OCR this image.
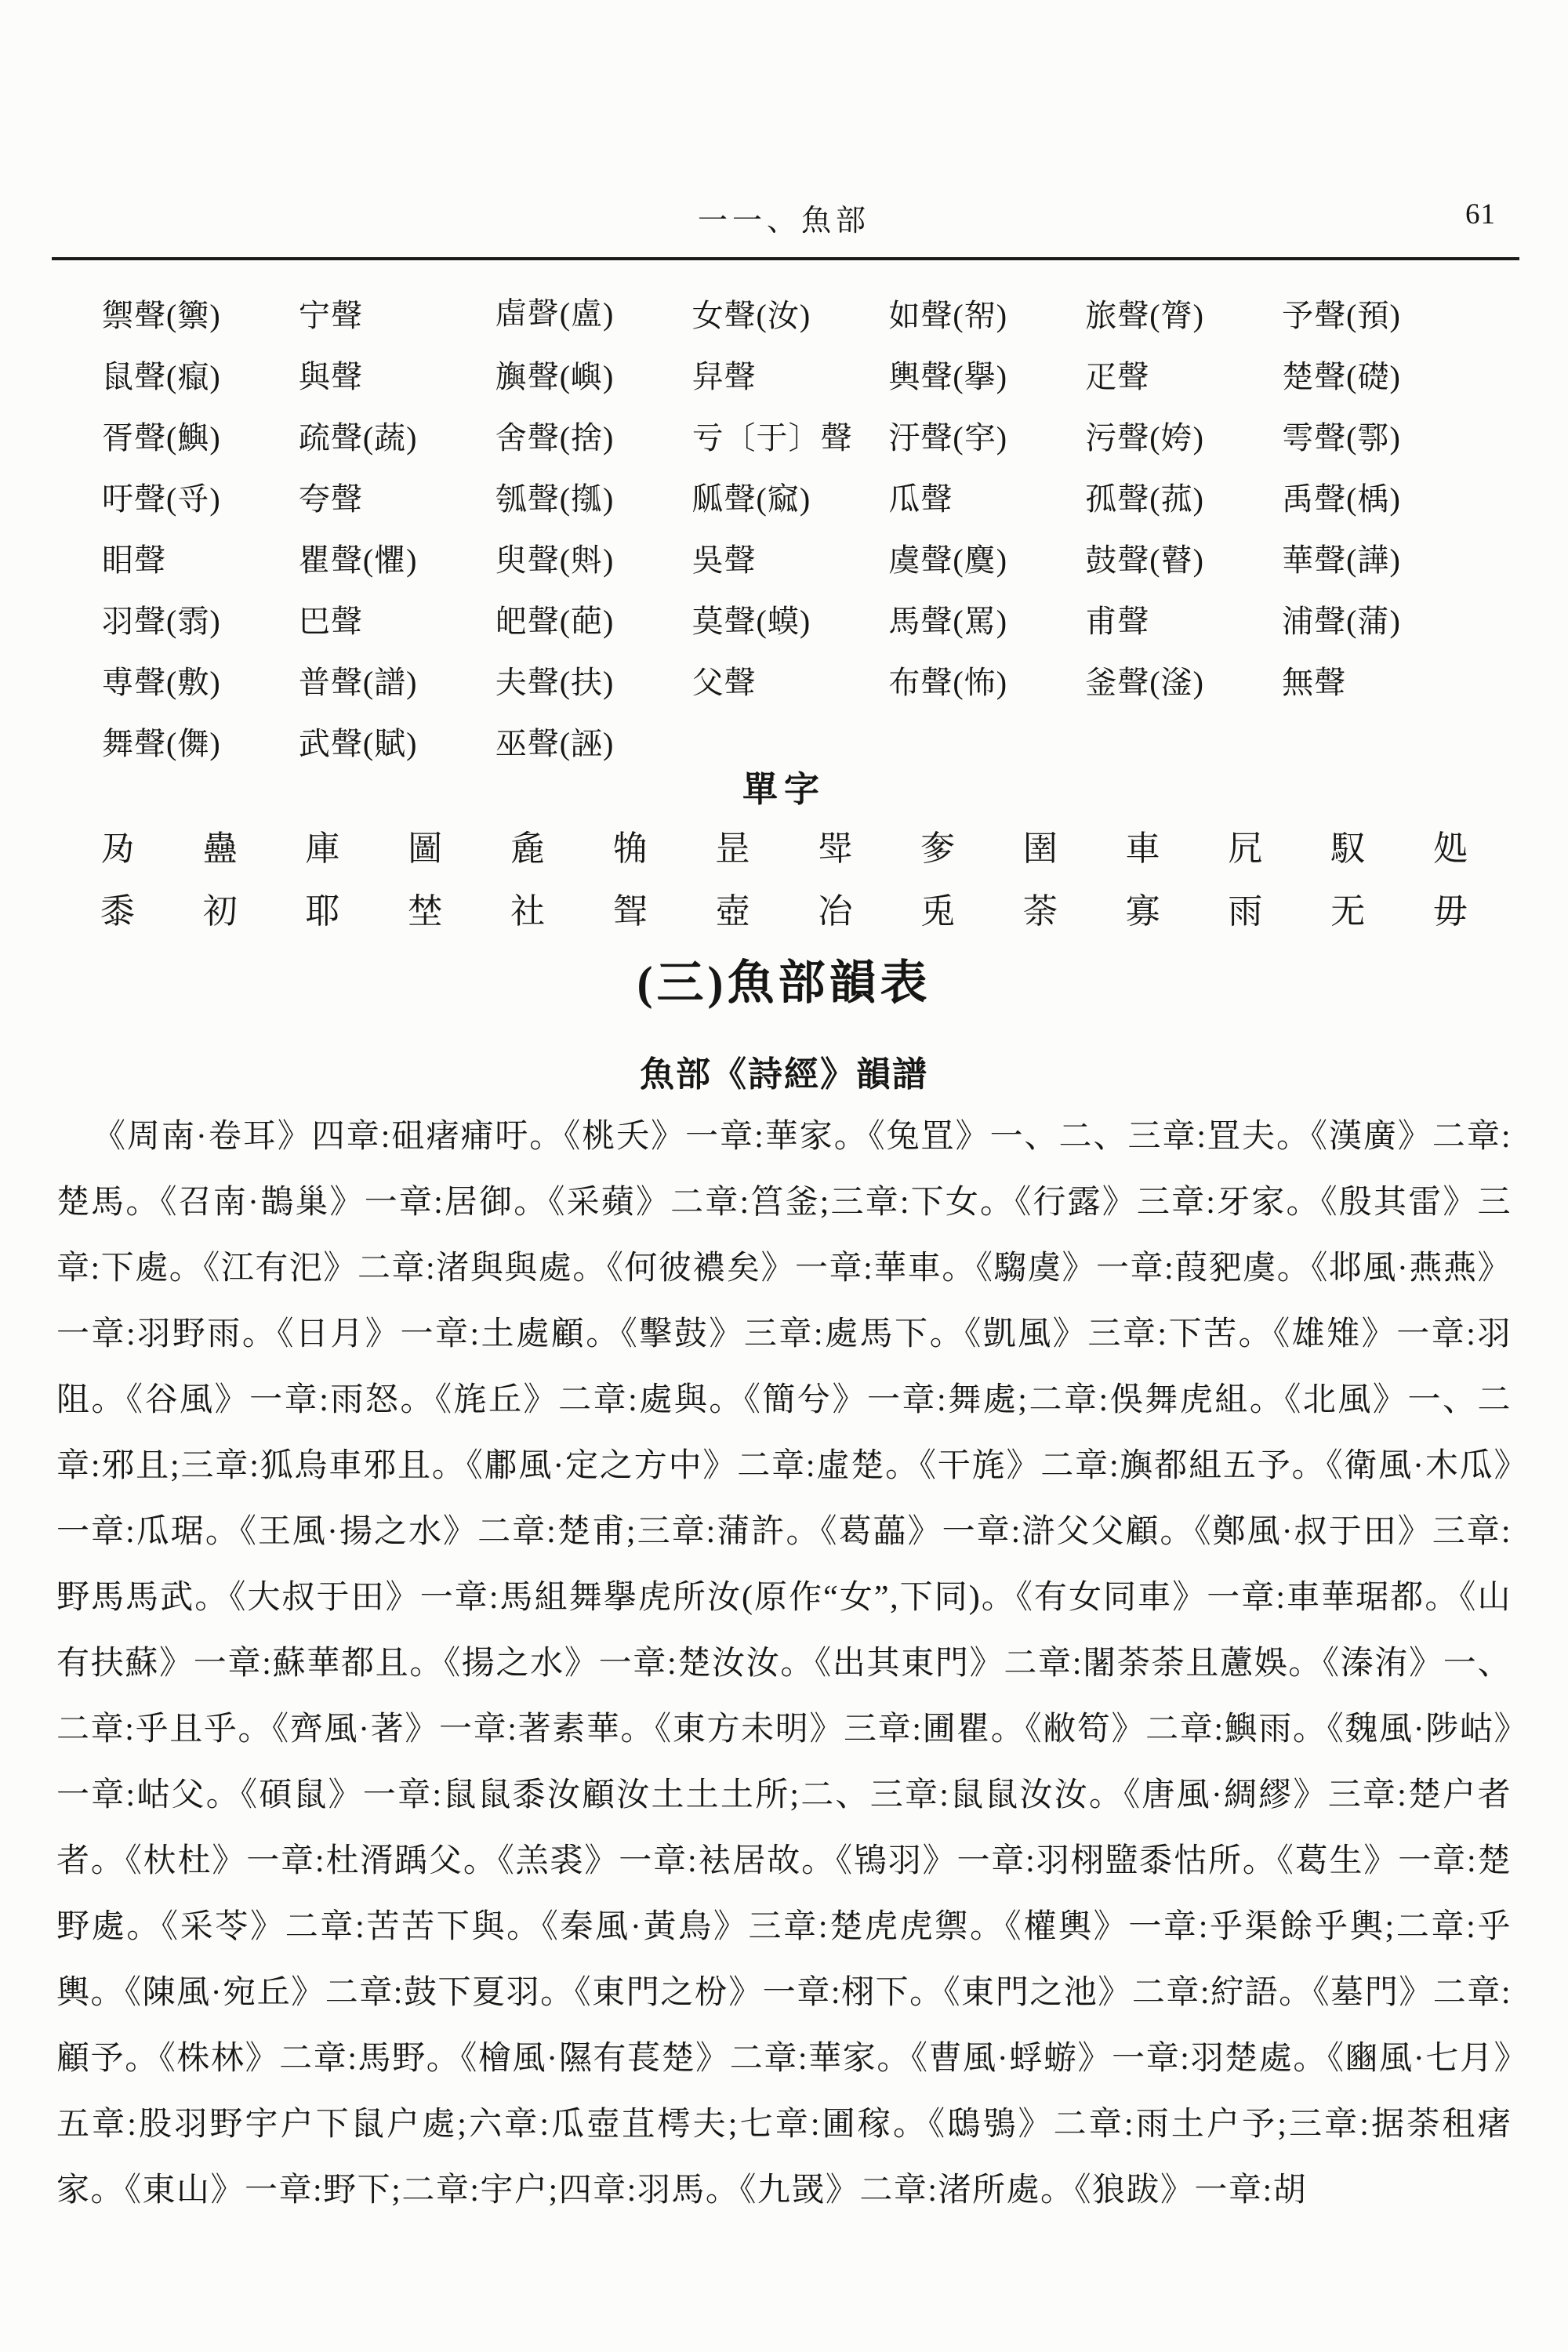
一一、魚部	61
禦聲(籞)	宁聲	𧆨聲(盧)	女聲(汝)	如聲(帤)	旅聲(膂)	予聲(預)
鼠聲(癙)	與聲	旟聲(嶼)	舁聲	輿聲(擧)	疋聲	楚聲(礎)
胥聲(鱮)	疏聲(蔬)	舍聲(捨)	亏〔于〕聲	汙聲(穻)	污聲(姱)	雩聲(鄠)
吁聲(寽)	夸聲	瓠聲(摦)	㼌聲(窳)	瓜聲	孤聲(菰)	禹聲(楀)
䀠聲	瞿聲(懼)	臾聲(斞)	吳聲	虞聲(麌)	鼓聲(瞽)	華聲(譁)
羽聲(䨒)	巴聲	皅聲(葩)	莫聲(蟆)	馬聲(罵)	甫聲	浦聲(蒲)
尃聲(敷)	普聲(譜)	夫聲(扶)	父聲	布聲(怖)	釜聲(滏)	無聲
舞聲(儛)	武聲(賦)	巫聲(誣)
單字
夃 蠱 庫 圖 麁 觕 昰 斝 奓 圉 車 凥 馭 処
黍 初 耶 埜 社 聟 壺 冶 兎 荼 寡 雨 无 毋
(三)魚部韻表
魚部《詩經》韻譜
《周南·卷耳》四章:砠瘏痡吁。《桃夭》一章:華家。《兔罝》一、二、三章:罝夫。《漢廣》二章:楚馬。《召南·鵲巢》一章:居御。《采蘋》二章:筥釜;三章:下女。《行露》三章:牙家。《殷其雷》三章:下處。《江有汜》二章:渚與與處。《何彼襛矣》一章:華車。《騶虞》一章:葭豝虞。《邶風·燕燕》一章:羽野雨。《日月》一章:土處顧。《擊鼓》三章:處馬下。《凱風》三章:下苦。《雄雉》一章:羽阻。《谷風》一章:雨怒。《旄丘》二章:處與。《簡兮》一章:舞處;二章:俁舞虎組。《北風》一、二章:邪且;三章:狐烏車邪且。《鄘風·定之方中》二章:虛楚。《干旄》二章:旟都組五予。《衛風·木瓜》一章:瓜琚。《王風·揚之水》二章:楚甫;三章:蒲許。《葛藟》一章:滸父父顧。《鄭風·叔于田》三章:野馬馬武。《大叔于田》一章:馬組舞擧虎所汝(原作“女”,下同)。《有女同車》一章:車華琚都。《山有扶蘇》一章:蘇華都且。《揚之水》一章:楚汝汝。《出其東門》二章:闍荼荼且藘娛。《溱洧》一、二章:乎且乎。《齊風·著》一章:著素華。《東方未明》三章:圃瞿。《敝笱》二章:鱮雨。《魏風·陟岵》一章:岵父。《碩鼠》一章:鼠鼠黍汝顧汝土土土所;二、三章:鼠鼠汝汝。《唐風·綢繆》三章:楚户者者。《杕杜》一章:杜湑踽父。《羔裘》一章:袪居故。《鴇羽》一章:羽栩盬黍怙所。《葛生》一章:楚野處。《采苓》二章:苦苦下與。《秦風·黃鳥》三章:楚虎虎禦。《權輿》一章:乎渠餘乎輿;二章:乎輿。《陳風·宛丘》二章:鼓下夏羽。《東門之枌》一章:栩下。《東門之池》二章:紵語。《墓門》二章:顧予。《株林》二章:馬野。《檜風·隰有萇楚》二章:華家。《曹風·蜉蝣》一章:羽楚處。《豳風·七月》五章:股羽野宇户下鼠户處;六章:瓜壺苴樗夫;七章:圃稼。《鴟鴞》二章:雨土户予;三章:据荼租瘏家。《東山》一章:野下;二章:宇户;四章:羽馬。《九罭》二章:渚所處。《狼跋》一章:胡
